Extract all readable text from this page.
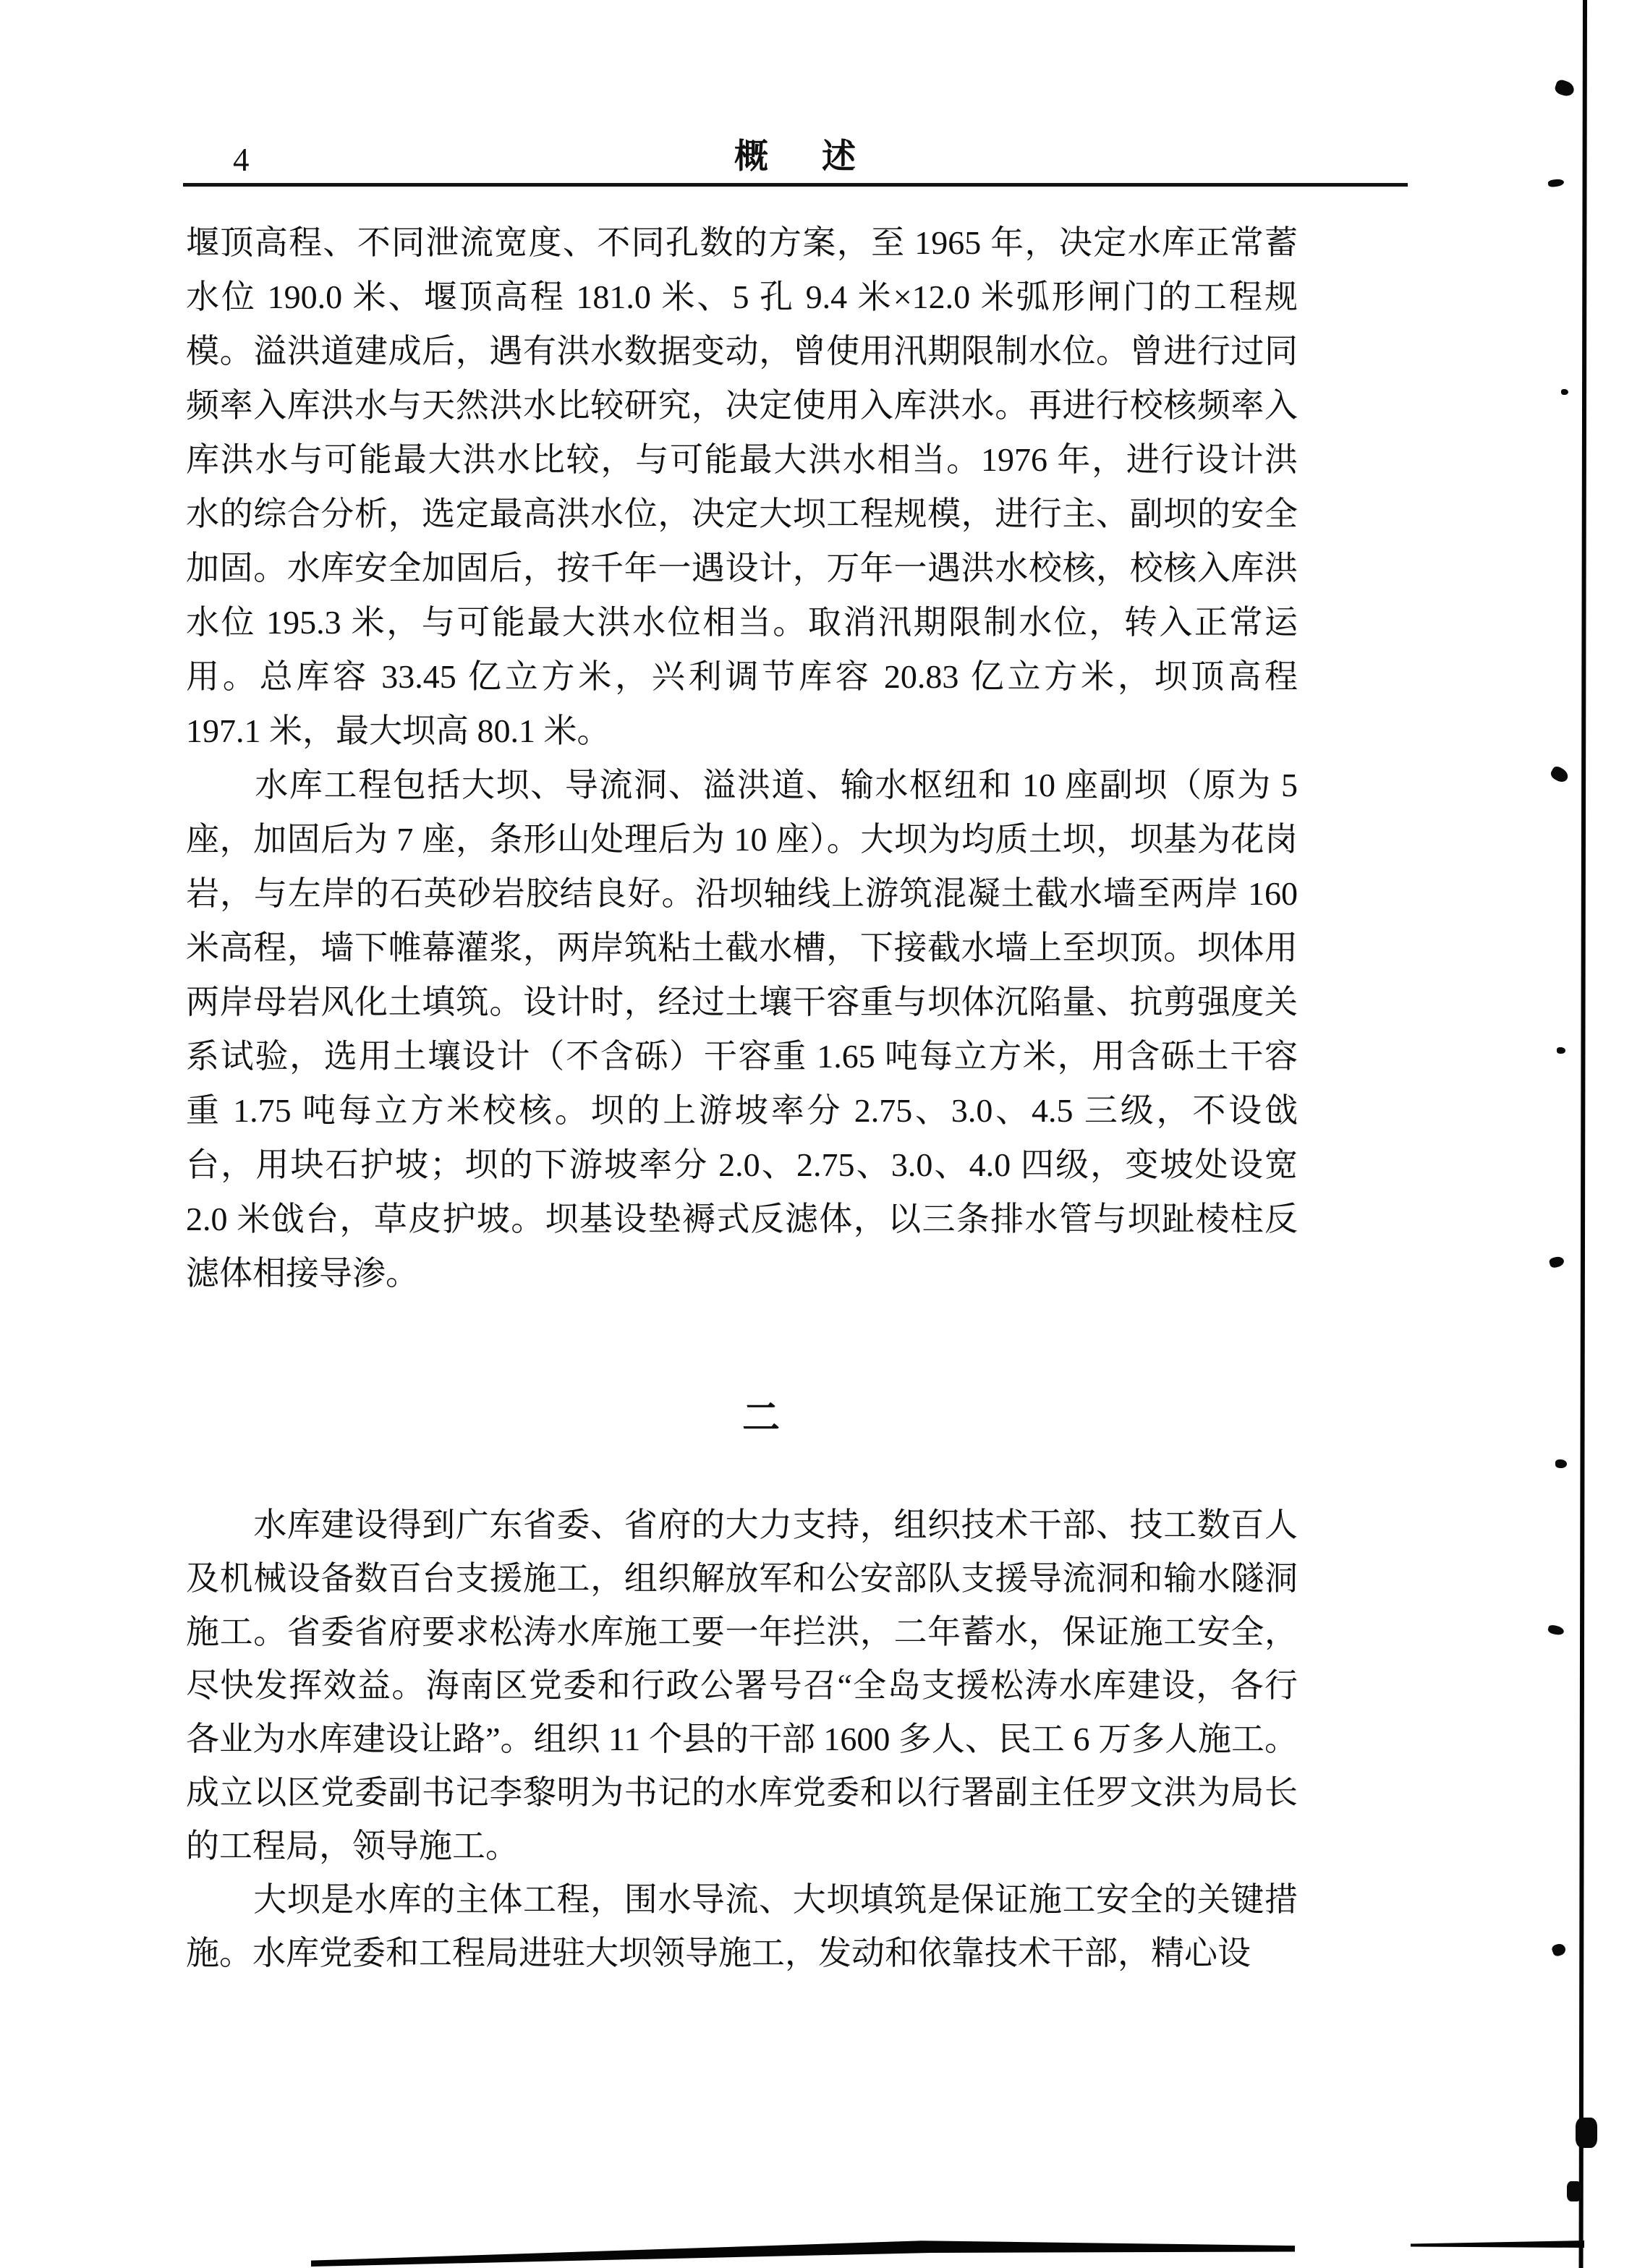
4	概述
堰顶高程、不同泄流宽度、不同孔数的方案，至 1965 年，决定水库正常蓄
水位 190.0 米、堰顶高程 181.0 米、5 孔 9.4 米×12.0 米弧形闸门的工程规
模。溢洪道建成后，遇有洪水数据变动，曾使用汛期限制水位。曾进行过同
频率入库洪水与天然洪水比较研究，决定使用入库洪水。再进行校核频率入
库洪水与可能最大洪水比较，与可能最大洪水相当。1976 年，进行设计洪
水的综合分析，选定最高洪水位，决定大坝工程规模，进行主、副坝的安全
加固。水库安全加固后，按千年一遇设计，万年一遇洪水校核，校核入库洪
水位 195.3 米，与可能最大洪水位相当。取消汛期限制水位，转入正常运
用。总库容 33.45 亿立方米，兴利调节库容 20.83 亿立方米，坝顶高程
197.1 米，最大坝高 80.1 米。
　　水库工程包括大坝、导流洞、溢洪道、输水枢纽和 10 座副坝（原为 5
座，加固后为 7 座，条形山处理后为 10 座）。大坝为均质土坝，坝基为花岗
岩，与左岸的石英砂岩胶结良好。沿坝轴线上游筑混凝土截水墙至两岸 160
米高程，墙下帷幕灌浆，两岸筑粘土截水槽，下接截水墙上至坝顶。坝体用
两岸母岩风化土填筑。设计时，经过土壤干容重与坝体沉陷量、抗剪强度关
系试验，选用土壤设计（不含砾）干容重 1.65 吨每立方米，用含砾土干容
重 1.75 吨每立方米校核。坝的上游坡率分 2.75、3.0、4.5 三级，不设戗
台，用块石护坡；坝的下游坡率分 2.0、2.75、3.0、4.0 四级，变坡处设宽
2.0 米戗台，草皮护坡。坝基设垫褥式反滤体，以三条排水管与坝趾棱柱反
滤体相接导渗。
二
　　水库建设得到广东省委、省府的大力支持，组织技术干部、技工数百人
及机械设备数百台支援施工，组织解放军和公安部队支援导流洞和输水隧洞
施工。省委省府要求松涛水库施工要一年拦洪，二年蓄水，保证施工安全，
尽快发挥效益。海南区党委和行政公署号召“全岛支援松涛水库建设，各行
各业为水库建设让路”。组织 11 个县的干部 1600 多人、民工 6 万多人施工。
成立以区党委副书记李黎明为书记的水库党委和以行署副主任罗文洪为局长
的工程局，领导施工。
　　大坝是水库的主体工程，围水导流、大坝填筑是保证施工安全的关键措
施。水库党委和工程局进驻大坝领导施工，发动和依靠技术干部，精心设
